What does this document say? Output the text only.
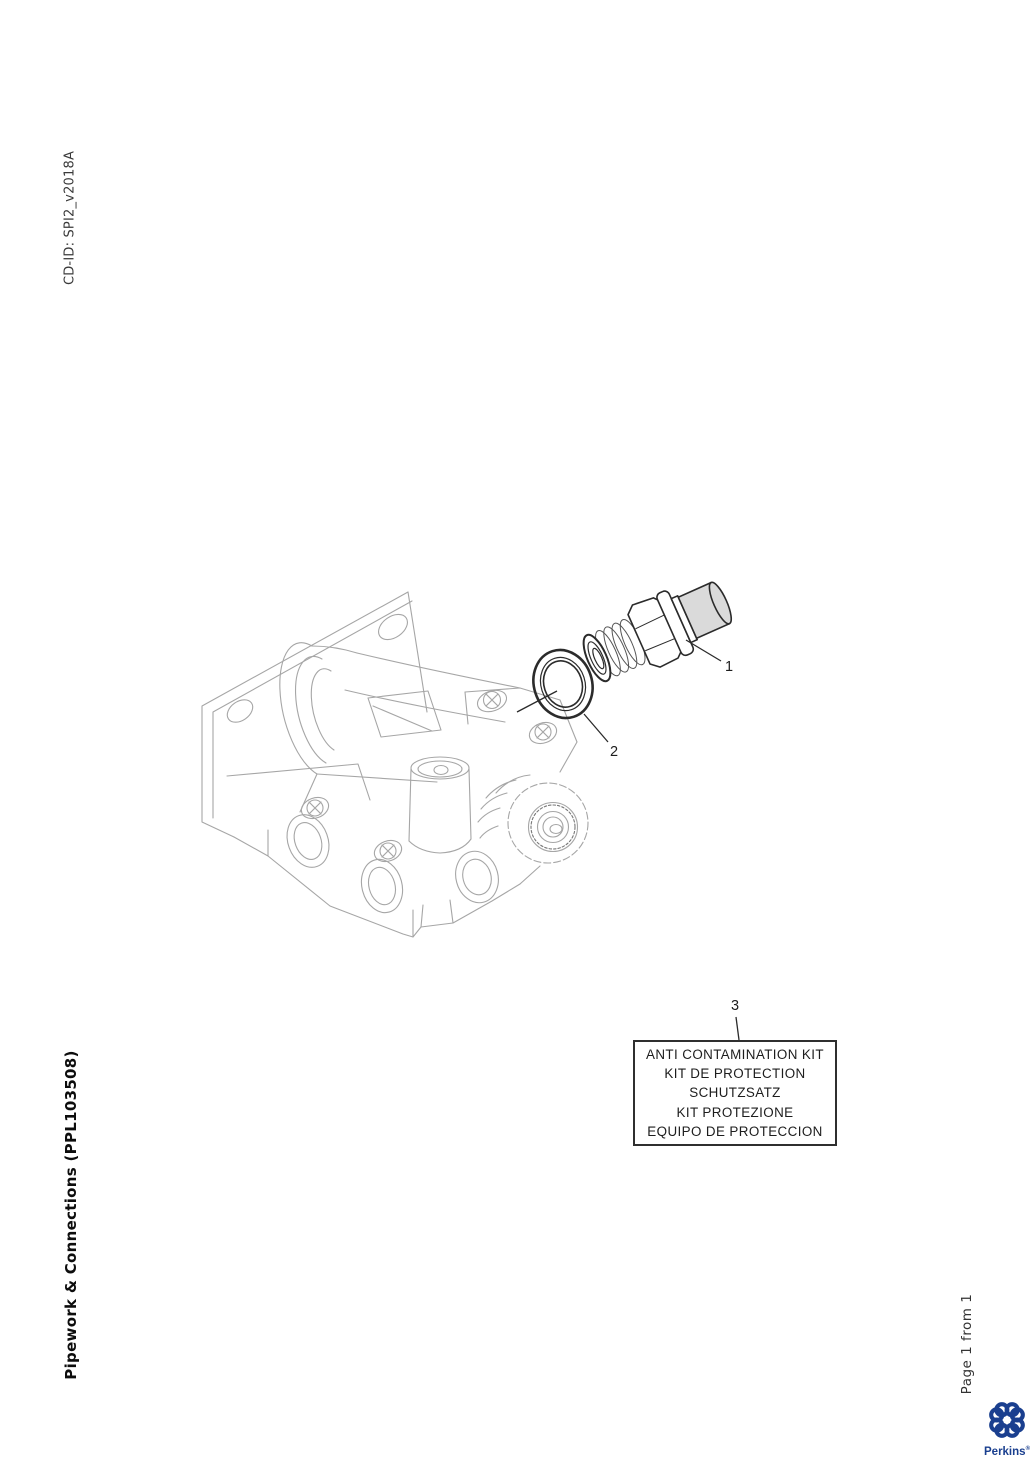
CD-ID: SPI2_v2018A
Pipework & Connections (PPL103508)	Page 1 from 1
1
2
3
ANTI CONTAMINATION KIT
KIT DE PROTECTION
SCHUTZSATZ
KIT PROTEZIONE
EQUIPO DE PROTECCION
Perkins®
